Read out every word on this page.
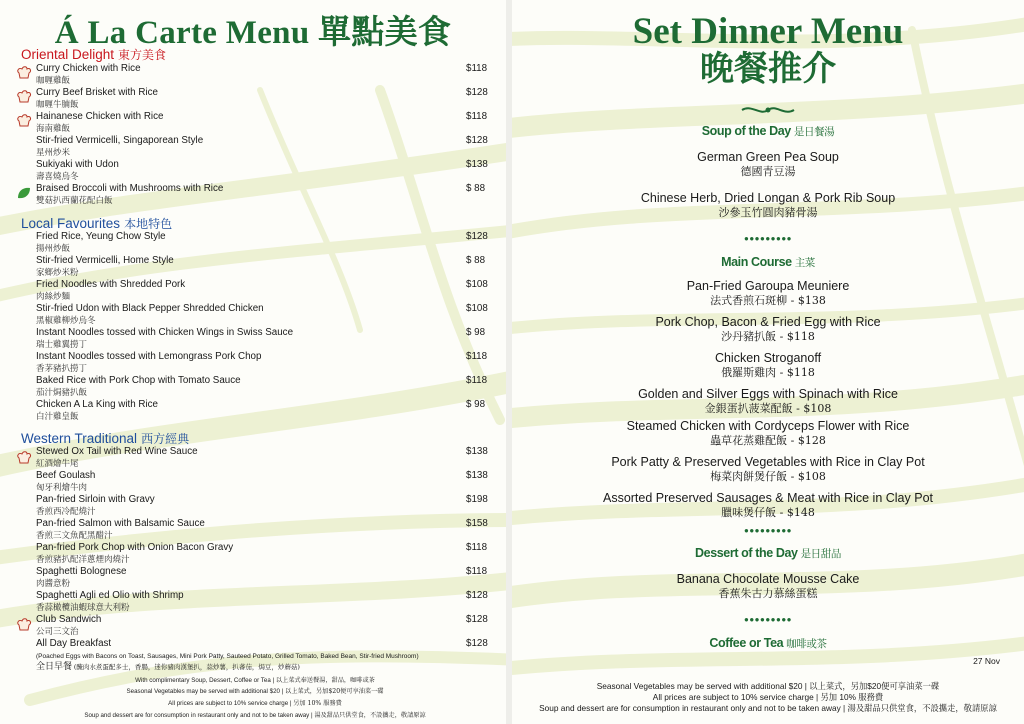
Á La Carte Menu 單點美食
Oriental Delight 東方美食
Curry Chicken with Rice
咖喱雞飯
$118
Curry Beef Brisket with Rice
咖喱牛腩飯
$128
Hainanese Chicken with Rice
海南雞飯
$118
Stir-fried Vermicelli, Singaporean Style
星州炒米
$128
Sukiyaki with Udon
壽喜燒烏冬
$138
Braised Broccoli with Mushrooms with Rice
雙菇扒西蘭花配白飯
$ 88
Local Favourites 本地特色
Fried Rice, Yeung Chow Style
揚州炒飯
$128
Stir-fried Vermicelli, Home Style
家鄉炒米粉
$ 88
Fried Noodles with Shredded Pork
肉絲炒麵
$108
Stir-fried Udon with Black Pepper Shredded Chicken
黑椒雞柳炒烏冬
$108
Instant Noodles tossed with Chicken Wings in Swiss Sauce
瑞士雞翼撈丁
$ 98
Instant Noodles tossed with Lemongrass Pork Chop
香茅豬扒撈丁
$118
Baked Rice with Pork Chop with Tomato Sauce
茄汁焗豬扒飯
$118
Chicken A La King with Rice
白汁雞皇飯
$ 98
Western Traditional 西方經典
Stewed Ox Tail with Red Wine Sauce
紅酒燴牛尾
$138
Beef Goulash
匈牙利燴牛肉
$138
Pan-fried Sirloin with Gravy
香煎西冷配燒汁
$198
Pan-fried Salmon with Balsamic Sauce
香煎三文魚配黑醋汁
$158
Pan-fried Pork Chop with Onion Bacon Gravy
香煎豬扒配洋蔥煙肉燒汁
$118
Spaghetti Bolognese
肉醬意粉
$118
Spaghetti Agli ed Olio with Shrimp
香蒜橄欖油蝦球意大利粉
$128
Club Sandwich
公司三文治
$128
All Day Breakfast	$128
(Poached Eggs with Bacons on Toast, Sausages, Mini Pork Patty, Sauteed Potato, Grilled Tomato, Baked Bean, Stir-fried Mushroom)
全日早餐 (醃肉水煮蛋配多士，香腸，迷你豬肉漢堡扒，蒜炒薯，扒蕃茄，焗豆，炒蘑菇)
With complimentary Soup, Dessert, Coffee or Tea | 以上菜式奉送餐湯，甜品，咖啡或茶
Seasonal Vegetables may be served with additional $20 | 以上菜式，另加$20便可享油菜一碟
All prices are subject to 10% service charge | 另加 10% 服務費
Soup and dessert are for consumption in restaurant only and not to be taken away | 湯及甜品只供堂食，不設攜走，敬請原諒
Set Dinner Menu
晚餐推介
Soup of the Day 是日餐湯
German Green Pea Soup
德國青豆湯
Chinese Herb, Dried Longan & Pork Rib Soup
沙參玉竹圓肉豬骨湯
●●●●●●●●●
Main Course 主菜
Pan-Fried Garoupa Meuniere
法式香煎石斑柳 - $138
Pork Chop, Bacon & Fried Egg with Rice
沙丹豬扒飯 - $118
Chicken Stroganoff
俄羅斯雞肉 - $118
Golden and Silver Eggs with Spinach with Rice
金銀蛋扒菠菜配飯 - $108
Steamed Chicken with Cordyceps Flower with Rice
蟲草花蒸雞配飯 - $128
Pork Patty & Preserved Vegetables with Rice in Clay Pot
梅菜肉餅煲仔飯 - $108
Assorted Preserved Sausages & Meat with Rice in Clay Pot
臘味煲仔飯 - $148
●●●●●●●●●
Dessert of the Day 是日甜品
Banana Chocolate Mousse Cake
香蕉朱古力慕絲蛋糕
●●●●●●●●●
Coffee or Tea 咖啡或茶
27 Nov
Seasonal Vegetables may be served with additional $20 | 以上菜式，另加$20便可享油菜一碟
All prices are subject to 10% service charge | 另加 10% 服務費
Soup and dessert are for consumption in restaurant only and not to be taken away | 湯及甜品只供堂食，不設攜走，敬請原諒
